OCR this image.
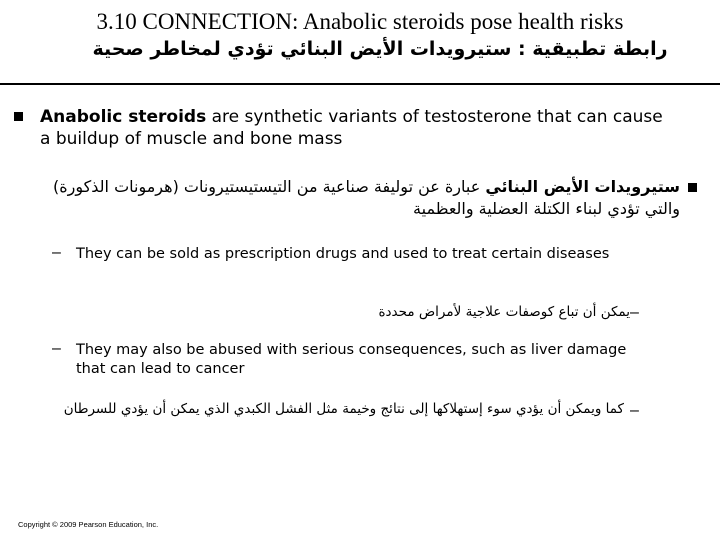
3.10 CONNECTION: Anabolic steroids pose health risks
رابطة تطبيقية : ستيرويدات الأيض البنائي تؤدي لمخاطر صحية
Anabolic steroids are synthetic variants of testosterone that can cause a buildup of muscle and bone mass
ستيرويدات الأيض البنائي عبارة عن توليفة صناعية من التيستيستيرونات (هرمونات الذكورة) والتي تؤدي لبناء الكتلة العضلية والعظمية
– They can be sold as prescription drugs and used to treat certain diseases
–
يمكن أن تباع كوصفات علاجية لأمراض محددة
– They may also be abused with serious consequences, such as liver damage that can lead to cancer
–
كما ويمكن أن يؤدي سوء إستهلاكها إلى نتائج وخيمة مثل الفشل الكبدي الذي يمكن أن يؤدي للسرطان
Copyright © 2009 Pearson Education, Inc.
